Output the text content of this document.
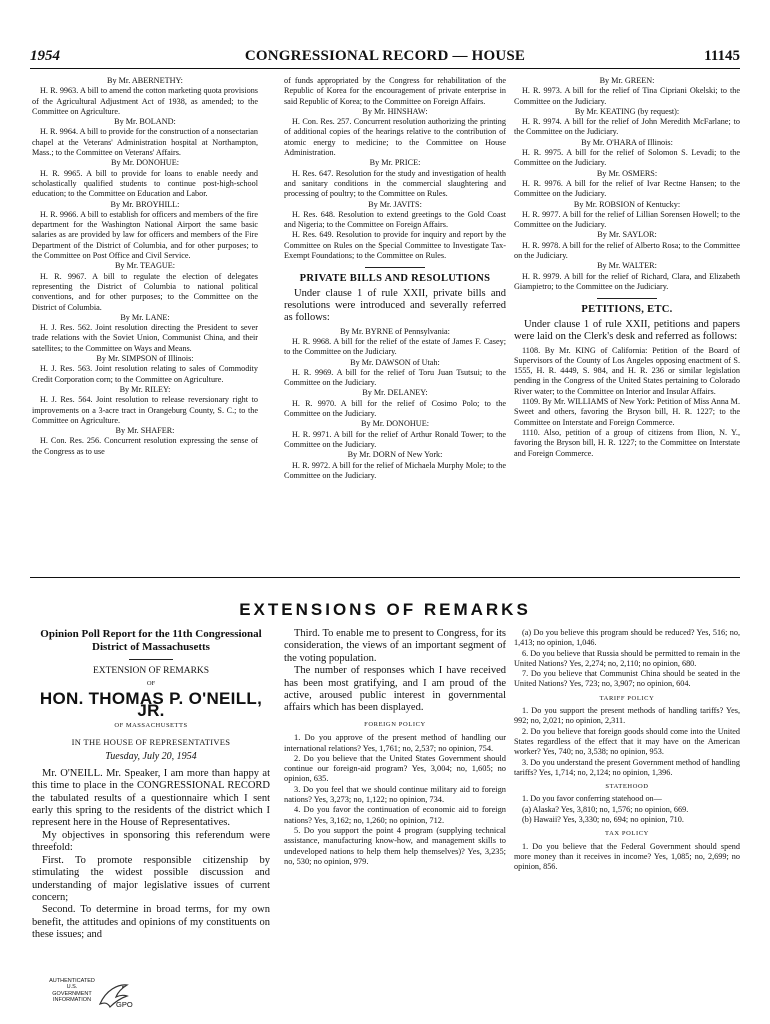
1954	CONGRESSIONAL RECORD — HOUSE	11145

By Mr. ABERNETHY:

H. R. 9963. A bill to amend the cotton marketing quota provisions of the Agricultural Adjustment Act of 1938, as amended; to the Committee on Agriculture.

By Mr. BOLAND:

H. R. 9964. A bill to provide for the construction of a nonsectarian chapel at the Veterans' Administration hospital at Northampton, Mass.; to the Committee on Veterans' Affairs.

By Mr. DONOHUE:

H. R. 9965. A bill to provide for loans to enable needy and scholastically qualified students to continue post-high-school education; to the Committee on Education and Labor.

By Mr. BROYHILL:

H. R. 9966. A bill to establish for officers and members of the fire department for the Washington National Airport the same basic salaries as are provided by law for officers and members of the Fire Department of the District of Columbia, and for other purposes; to the Committee on Post Office and Civil Service.

By Mr. TEAGUE:

H. R. 9967. A bill to regulate the election of delegates representing the District of Columbia to national political conventions, and for other purposes; to the Committee on the District of Columbia.

By Mr. LANE:

H. J. Res. 562. Joint resolution directing the President to sever trade relations with the Soviet Union, Communist China, and their satellites; to the Committee on Ways and Means.

By Mr. SIMPSON of Illinois:

H. J. Res. 563. Joint resolution relating to sales of Commodity Credit Corporation corn; to the Committee on Agriculture.

By Mr. RILEY:

H. J. Res. 564. Joint resolution to release reversionary right to improvements on a 3-acre tract in Orangeburg County, S. C.; to the Committee on Agriculture.

By Mr. SHAFER:

H. Con. Res. 256. Concurrent resolution expressing the sense of the Congress as to use

of funds appropriated by the Congress for rehabilitation of the Republic of Korea for the encouragement of private enterprise in said Republic of Korea; to the Committee on Foreign Affairs.

By Mr. HINSHAW:

H. Con. Res. 257. Concurrent resolution authorizing the printing of additional copies of the hearings relative to the contribution of atomic energy to medicine; to the Committee on House Administration.

By Mr. PRICE:

H. Res. 647. Resolution for the study and investigation of health and sanitary conditions in the commercial slaughtering and processing of poultry; to the Committee on Rules.

By Mr. JAVITS:

H. Res. 648. Resolution to extend greetings to the Gold Coast and Nigeria; to the Committee on Foreign Affairs.

H. Res. 649. Resolution to provide for inquiry and report by the Committee on Rules on the Special Committee to Investigate Tax-Exempt Foundations; to the Committee on Rules.

PRIVATE BILLS AND RESOLUTIONS
Under clause 1 of rule XXII, private bills and resolutions were introduced and severally referred as follows:

By Mr. BYRNE of Pennsylvania:

H. R. 9968. A bill for the relief of the estate of James F. Casey; to the Committee on the Judiciary.

By Mr. DAWSON of Utah:

H. R. 9969. A bill for the relief of Toru Juan Tsutsui; to the Committee on the Judiciary.

By Mr. DELANEY:

H. R. 9970. A bill for the relief of Cosimo Polo; to the Committee on the Judiciary.

By Mr. DONOHUE:

H. R. 9971. A bill for the relief of Arthur Ronald Tower; to the Committee on the Judiciary.

By Mr. DORN of New York:

H. R. 9972. A bill for the relief of Michaela Murphy Mole; to the Committee on the Judiciary.

By Mr. GREEN:

H. R. 9973. A bill for the relief of Tina Cipriani Okelski; to the Committee on the Judiciary.

By Mr. KEATING (by request):

H. R. 9974. A bill for the relief of John Meredith McFarlane; to the Committee on the Judiciary.

By Mr. O'HARA of Illinois:

H. R. 9975. A bill for the relief of Solomon S. Levadi; to the Committee on the Judiciary.

By Mr. OSMERS:

H. R. 9976. A bill for the relief of Ivar Rectne Hansen; to the Committee on the Judiciary.

By Mr. ROBSION of Kentucky:

H. R. 9977. A bill for the relief of Lillian Sorensen Howell; to the Committee on the Judiciary.

By Mr. SAYLOR:

H. R. 9978. A bill for the relief of Alberto Rosa; to the Committee on the Judiciary.

By Mr. WALTER:

H. R. 9979. A bill for the relief of Richard, Clara, and Elizabeth Giampietro; to the Committee on the Judiciary.

PETITIONS, ETC.
Under clause 1 of rule XXII, petitions and papers were laid on the Clerk's desk and referred as follows:

1108. By Mr. KING of California: Petition of the Board of Supervisors of the County of Los Angeles opposing enactment of S. 1555, H. R. 4449, S. 984, and H. R. 236 or similar legislation pending in the Congress of the United States pertaining to Colorado River water; to the Committee on Interior and Insular Affairs.

1109. By Mr. WILLIAMS of New York: Petition of Miss Anna M. Sweet and others, favoring the Bryson bill, H. R. 1227; to the Committee on Interstate and Foreign Commerce.

1110. Also, petition of a group of citizens from Ilion, N. Y., favoring the Bryson bill, H. R. 1227; to the Committee on Interstate and Foreign Commerce.

EXTENSIONS OF REMARKS
Opinion Poll Report for the 11th Congressional District of Massachusetts
EXTENSION OF REMARKS
OF
HON. THOMAS P. O'NEILL, JR.
OF MASSACHUSETTS
IN THE HOUSE OF REPRESENTATIVES
Tuesday, July 20, 1954

Mr. O'NEILL. Mr. Speaker, I am more than happy at this time to place in the CONGRESSIONAL RECORD the tabulated results of a questionnaire which I sent early this spring to the residents of the district which I represent here in the House of Representatives.

My objectives in sponsoring this referendum were threefold:

First. To promote responsible citizenship by stimulating the widest possible discussion and understanding of major legislative issues of current concern;

Second. To determine in broad terms, for my own benefit, the attitudes and opinions of my constituents on these issues; and

Third. To enable me to present to Congress, for its consideration, the views of an important segment of the voting population.

The number of responses which I have received has been most gratifying, and I am proud of the active, aroused public interest in governmental affairs which has been displayed.

FOREIGN POLICY

1. Do you approve of the present method of handling our international relations? Yes, 1,761; no, 2,537; no opinion, 754.

2. Do you believe that the United States Government should continue our foreign-aid program? Yes, 3,004; no, 1,605; no opinion, 635.

3. Do you feel that we should continue military aid to foreign nations? Yes, 3,273; no, 1,122; no opinion, 734.

4. Do you favor the continuation of economic aid to foreign nations? Yes, 3,162; no, 1,260; no opinion, 712.

5. Do you support the point 4 program (supplying technical assistance, manufacturing know-how, and management skills to undeveloped nations to help them help themselves)? Yes, 3,235; no, 530; no opinion, 979.

(a) Do you believe this program should be reduced? Yes, 516; no, 1,413; no opinion, 1,046.

6. Do you believe that Russia should be permitted to remain in the United Nations? Yes, 2,274; no, 2,110; no opinion, 680.

7. Do you believe that Communist China should be seated in the United Nations? Yes, 723; no, 3,907; no opinion, 604.

TARIFF POLICY

1. Do you support the present methods of handling tariffs? Yes, 992; no, 2,021; no opinion, 2,311.

2. Do you believe that foreign goods should come into the United States regardless of the effect that it may have on the American worker? Yes, 740; no, 3,538; no opinion, 953.

3. Do you understand the present Government method of handling tariffs? Yes, 1,714; no, 2,124; no opinion, 1,396.

STATEHOOD

1. Do you favor conferring statehood on—

(a) Alaska? Yes, 3,810; no, 1,576; no opinion, 669.

(b) Hawaii? Yes, 3,330; no, 694; no opinion, 710.

TAX POLICY

1. Do you believe that the Federal Government should spend more money than it receives in income? Yes, 1,085; no, 2,699; no opinion, 856.

AUTHENTICATED U.S. GOVERNMENT INFORMATION
GPO
